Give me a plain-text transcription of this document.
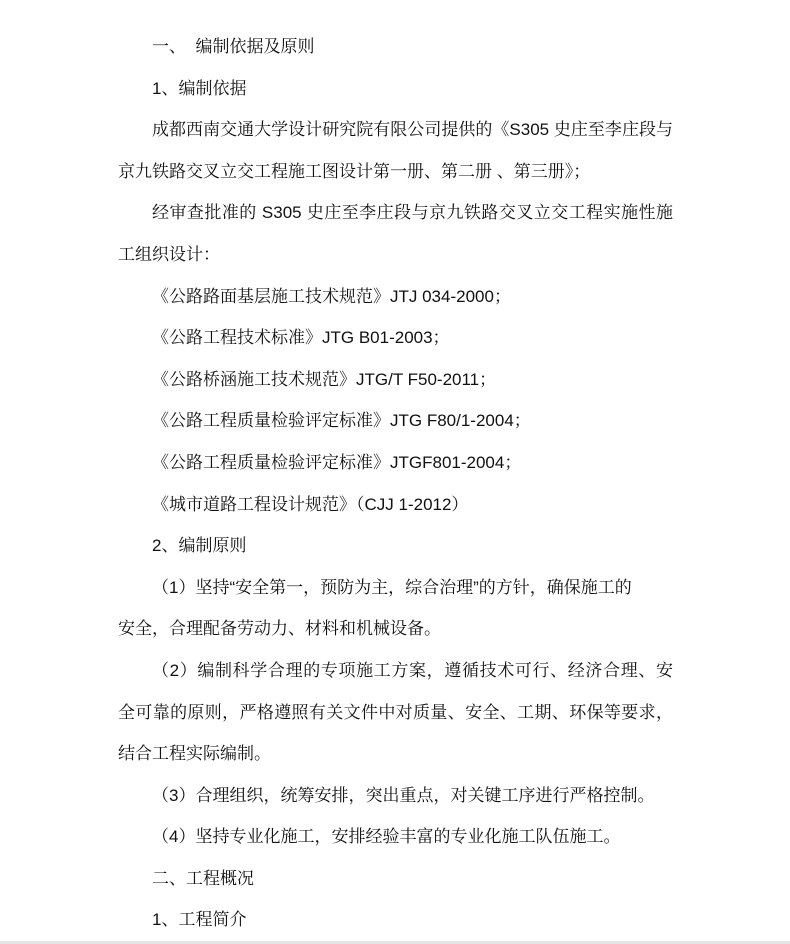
一、  编制依据及原则
1、编制依据
成都西南交通大学设计研究院有限公司提供的《S305 史庄至李庄段与
京九铁路交叉立交工程施工图设计第一册、第二册 、第三册》；
经审查批准的 S305 史庄至李庄段与京九铁路交叉立交工程实施性施
工组织设计：
《公路路面基层施工技术规范》JTJ 034-2000；
《公路工程技术标准》JTG B01-2003；
《公路桥涵施工技术规范》JTG/T F50-2011；
《公路工程质量检验评定标准》JTG F80/1-2004；
《公路工程质量检验评定标准》JTGF801-2004；
《城市道路工程设计规范》（CJJ 1-2012）
2、编制原则
（1）坚持“安全第一，预防为主，综合治理”的方针，确保施工的
安全，合理配备劳动力、材料和机械设备。
（2）编制科学合理的专项施工方案，遵循技术可行、经济合理、安
全可靠的原则，严格遵照有关文件中对质量、安全、工期、环保等要求，
结合工程实际编制。
（3）合理组织，统筹安排，突出重点，对关键工序进行严格控制。
（4）坚持专业化施工，安排经验丰富的专业化施工队伍施工。
二、工程概况
1、工程简介
